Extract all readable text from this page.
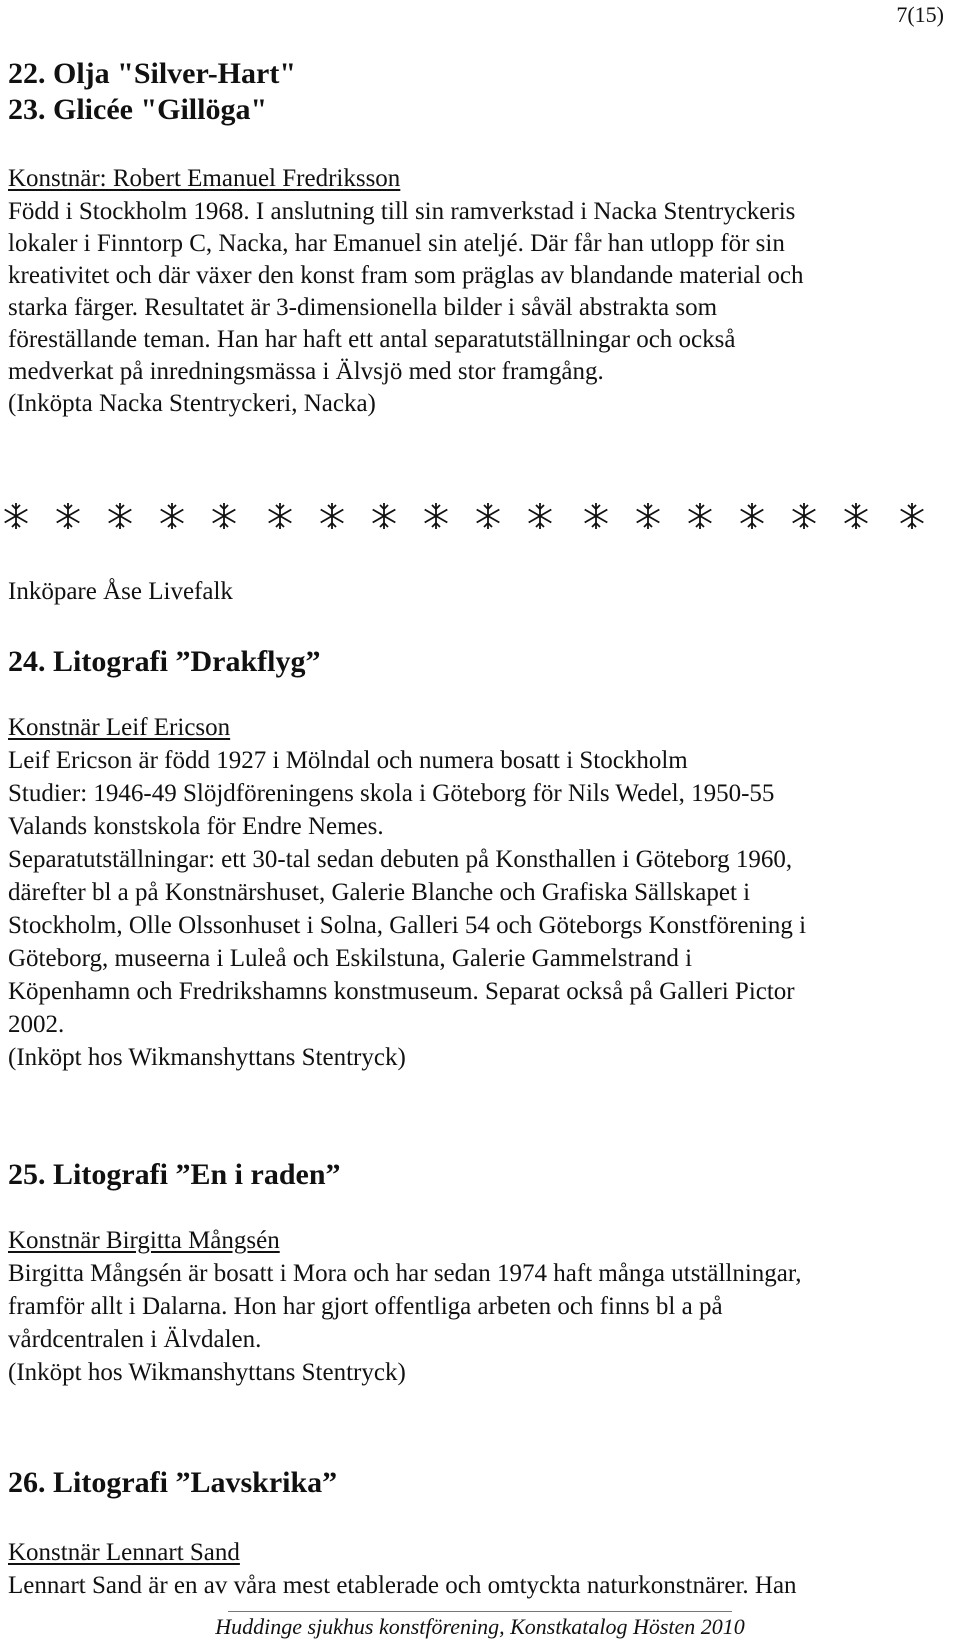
7(15)
22. Olja "Silver-Hart"
23. Glicée "Gillöga"
Konstnär: Robert Emanuel Fredriksson
Född i Stockholm 1968. I anslutning till sin ramverkstad i Nacka Stentryckeris
lokaler i Finntorp C, Nacka, har Emanuel sin ateljé. Där får han utlopp för sin
kreativitet och där växer den konst fram som präglas av blandande material och
starka färger. Resultatet är 3-dimensionella bilder i såväl abstrakta som
föreställande teman. Han har haft ett antal separatutställningar och också
medverkat på inredningsmässa i Älvsjö med stor framgång.
(Inköpta Nacka Stentryckeri, Nacka)
Inköpare Åse Livefalk
24. Litografi ”Drakflyg”
Konstnär Leif Ericson
Leif Ericson är född 1927 i Mölndal och numera bosatt i Stockholm
Studier: 1946-49 Slöjdföreningens skola i Göteborg för Nils Wedel, 1950-55
Valands konstskola för Endre Nemes.
Separatutställningar: ett 30-tal sedan debuten på Konsthallen i Göteborg 1960,
därefter bl a på Konstnärshuset, Galerie Blanche och Grafiska Sällskapet i
Stockholm, Olle Olssonhuset i Solna, Galleri 54 och Göteborgs Konstförening i
Göteborg, museerna i Luleå och Eskilstuna, Galerie Gammelstrand i
Köpenhamn och Fredrikshamns konstmuseum. Separat också på Galleri Pictor
2002.
(Inköpt hos Wikmanshyttans Stentryck)
25. Litografi ”En i raden”
Konstnär Birgitta Mångsén
Birgitta Mångsén är bosatt i Mora och har sedan 1974 haft många utställningar,
framför allt i Dalarna. Hon har gjort offentliga arbeten och finns bl a på
vårdcentralen i Älvdalen.
(Inköpt hos Wikmanshyttans Stentryck)
26. Litografi ”Lavskrika”
Konstnär Lennart Sand
Lennart Sand är en av våra mest etablerade och omtyckta naturkonstnärer. Han
Huddinge sjukhus konstförening, Konstkatalog Hösten 2010
